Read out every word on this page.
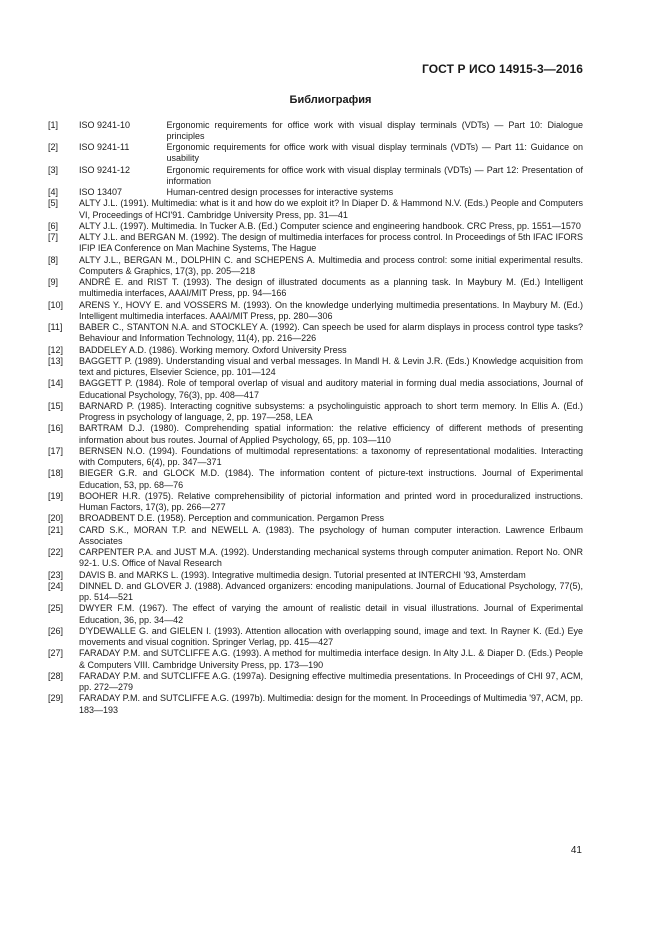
ГОСТ Р ИСО 14915-3—2016
Библиография
[1] ISO 9241-10	Ergonomic requirements for office work with visual display terminals (VDTs) — Part 10: Dialogue principles
[2] ISO 9241-11	Ergonomic requirements for office work with visual display terminals (VDTs) — Part 11: Guidance on usability
[3] ISO 9241-12	Ergonomic requirements for office work with visual display terminals (VDTs) — Part 12: Presentation of information
[4] ISO 13407	Human-centred design processes for interactive systems
[5] ALTY J.L. (1991). Multimedia: what is it and how do we exploit it? In Diaper D. & Hammond N.V. (Eds.) People and Computers VI, Proceedings of HCI'91. Cambridge University Press, pp. 31—41
[6] ALTY J.L. (1997). Multimedia. In Tucker A.B. (Ed.) Computer science and engineering handbook. CRC Press, pp. 1551—1570
[7] ALTY J.L. and BERGAN M. (1992). The design of multimedia interfaces for process control. In Proceedings of 5th IFAC IFORS IFIP IEA Conference on Man Machine Systems, The Hague
[8] ALTY J.L., BERGAN M., DOLPHIN C. and SCHEPENS A. Multimedia and process control: some initial experimental results. Computers & Graphics, 17(3), pp. 205—218
[9] ANDRÉ E. and RIST T. (1993). The design of illustrated documents as a planning task. In Maybury M. (Ed.) Intelligent multimedia interfaces, AAAI/MIT Press, pp. 94—166
[10] ARENS Y., HOVY E. and VOSSERS M. (1993). On the knowledge underlying multimedia presentations. In Maybury M. (Ed.) Intelligent multimedia interfaces. AAAI/MIT Press, pp. 280—306
[11] BABER C., STANTON N.A. and STOCKLEY A. (1992). Can speech be used for alarm displays in process control type tasks? Behaviour and Information Technology, 11(4), pp. 216—226
[12] BADDELEY A.D. (1986). Working memory. Oxford University Press
[13] BAGGETT P. (1989). Understanding visual and verbal messages. In Mandl H. & Levin J.R. (Eds.) Knowledge acquisition from text and pictures, Elsevier Science, pp. 101—124
[14] BAGGETT P. (1984). Role of temporal overlap of visual and auditory material in forming dual media associations, Journal of Educational Psychology, 76(3), pp. 408—417
[15] BARNARD P. (1985). Interacting cognitive subsystems: a psycholinguistic approach to short term memory. In Ellis A. (Ed.) Progress in psychology of language, 2, pp. 197—258, LEA
[16] BARTRAM D.J. (1980). Comprehending spatial information: the relative efficiency of different methods of presenting information about bus routes. Journal of Applied Psychology, 65, pp. 103—110
[17] BERNSEN N.O. (1994). Foundations of multimodal representations: a taxonomy of representational modalities. Interacting with Computers, 6(4), pp. 347—371
[18] BIEGER G.R. and GLOCK M.D. (1984). The information content of picture-text instructions. Journal of Experimental Education, 53, pp. 68—76
[19] BOOHER H.R. (1975). Relative comprehensibility of pictorial information and printed word in proceduralized instructions. Human Factors, 17(3), pp. 266—277
[20] BROADBENT D.E. (1958). Perception and communication. Pergamon Press
[21] CARD S.K., MORAN T.P. and NEWELL A. (1983). The psychology of human computer interaction. Lawrence Erlbaum Associates
[22] CARPENTER P.A. and JUST M.A. (1992). Understanding mechanical systems through computer animation. Report No. ONR 92-1. U.S. Office of Naval Research
[23] DAVIS B. and MARKS L. (1993). Integrative multimedia design. Tutorial presented at INTERCHI '93, Amsterdam
[24] DINNEL D. and GLOVER J. (1988). Advanced organizers: encoding manipulations. Journal of Educational Psychology, 77(5), pp. 514—521
[25] DWYER F.M. (1967). The effect of varying the amount of realistic detail in visual illustrations. Journal of Experimental Education, 36, pp. 34—42
[26] D'YDEWALLE G. and GIELEN I. (1993). Attention allocation with overlapping sound, image and text. In Rayner K. (Ed.) Eye movements and visual cognition. Springer Verlag, pp. 415—427
[27] FARADAY P.M. and SUTCLIFFE A.G. (1993). A method for multimedia interface design. In Alty J.L. & Diaper D. (Eds.) People & Computers VIII. Cambridge University Press, pp. 173—190
[28] FARADAY P.M. and SUTCLIFFE A.G. (1997a). Designing effective multimedia presentations. In Proceedings of CHI 97, ACM, pp. 272—279
[29] FARADAY P.M. and SUTCLIFFE A.G. (1997b). Multimedia: design for the moment. In Proceedings of Multimedia '97, ACM, pp. 183—193
41
